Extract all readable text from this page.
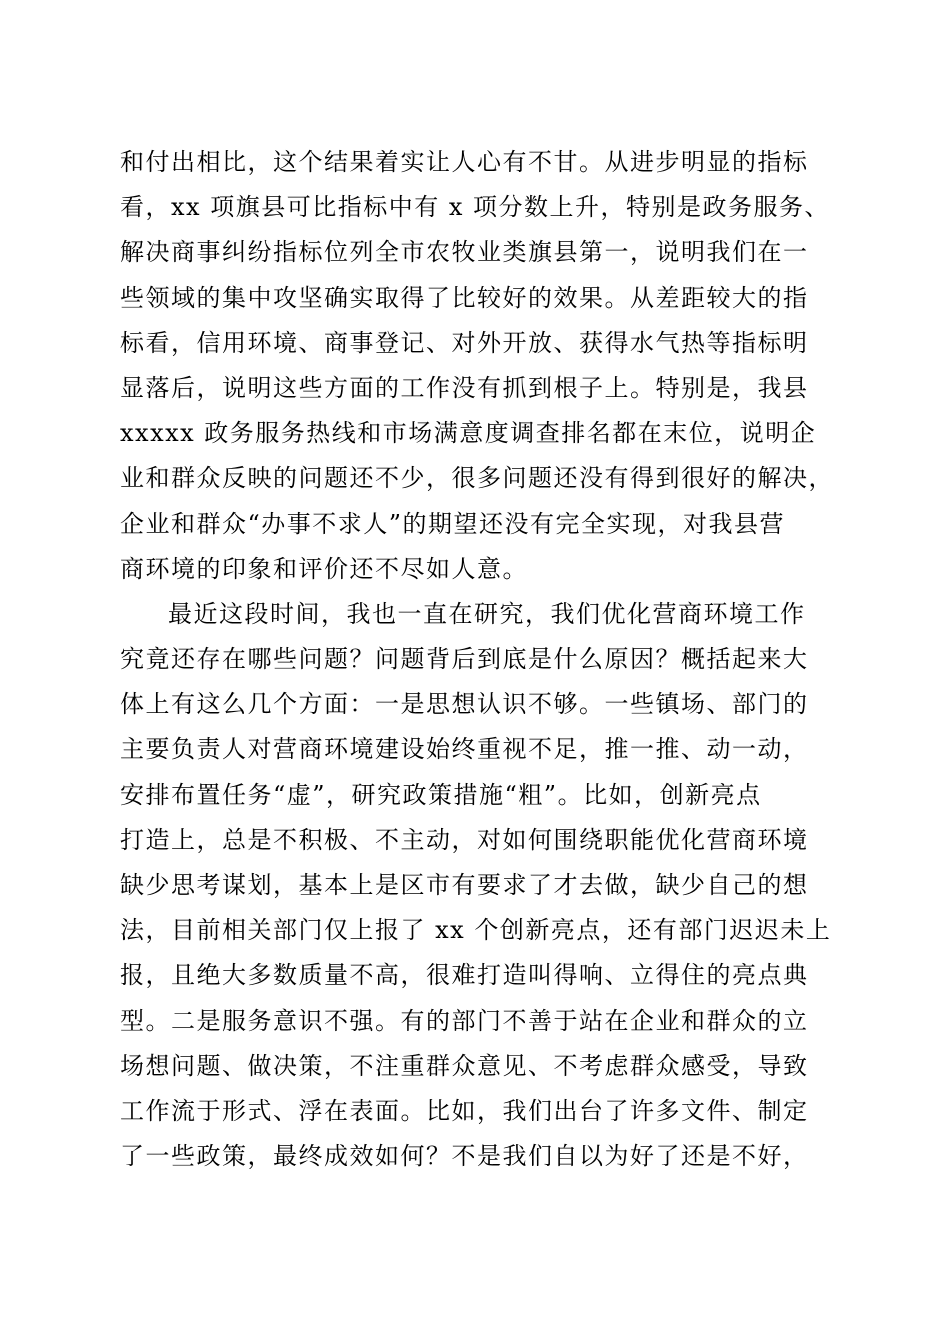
和付出相比，这个结果着实让人心有不甘。从进步明显的指标
看，xx 项旗县可比指标中有 x 项分数上升，特别是政务服务、
解决商事纠纷指标位列全市农牧业类旗县第一，说明我们在一
些领域的集中攻坚确实取得了比较好的效果。从差距较大的指
标看，信用环境、商事登记、对外开放、获得水气热等指标明
显落后，说明这些方面的工作没有抓到根子上。特别是，我县
xxxxx 政务服务热线和市场满意度调查排名都在末位，说明企
业和群众反映的问题还不少，很多问题还没有得到很好的解决，
企业和群众“办事不求人”的期望还没有完全实现，对我县营
商环境的印象和评价还不尽如人意。
最近这段时间，我也一直在研究，我们优化营商环境工作
究竟还存在哪些问题？问题背后到底是什么原因？概括起来大
体上有这么几个方面：一是思想认识不够。一些镇场、部门的
主要负责人对营商环境建设始终重视不足，推一推、动一动，
安排布置任务“虚”，研究政策措施“粗”。比如，创新亮点
打造上，总是不积极、不主动，对如何围绕职能优化营商环境
缺少思考谋划，基本上是区市有要求了才去做，缺少自己的想
法，目前相关部门仅上报了 xx 个创新亮点，还有部门迟迟未上
报，且绝大多数质量不高，很难打造叫得响、立得住的亮点典
型。二是服务意识不强。有的部门不善于站在企业和群众的立
场想问题、做决策，不注重群众意见、不考虑群众感受，导致
工作流于形式、浮在表面。比如，我们出台了许多文件、制定
了一些政策，最终成效如何？不是我们自以为好了还是不好，
